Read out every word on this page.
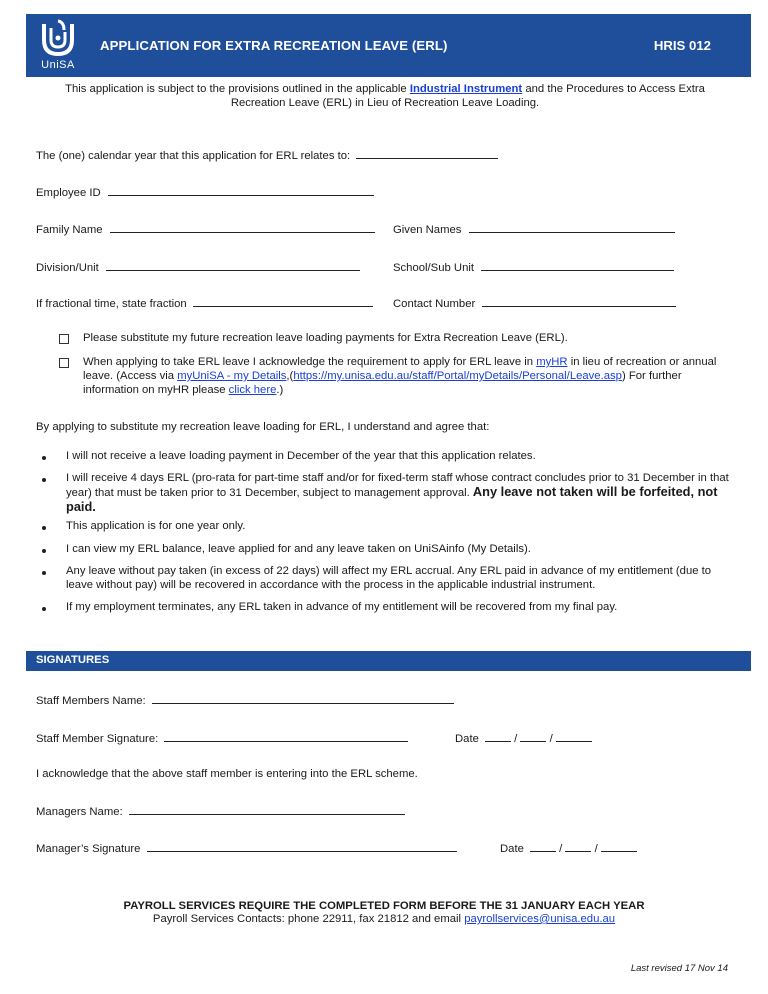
UniSA
APPLICATION FOR EXTRA RECREATION LEAVE (ERL)	HRIS 012
This application is subject to the provisions outlined in the applicable Industrial Instrument and the Procedures to Access Extra Recreation Leave (ERL) in Lieu of Recreation Leave Loading.
The (one) calendar year that this application for ERL relates to:
Employee ID
Family Name	Given Names
Division/Unit	School/Sub Unit
If fractional time, state fraction	Contact Number
Please substitute my future recreation leave loading payments for Extra Recreation Leave (ERL).
When applying to take ERL leave I acknowledge the requirement to apply for ERL leave in myHR in lieu of recreation or annual leave. (Access via myUniSA - my Details,(https://my.unisa.edu.au/staff/Portal/myDetails/Personal/Leave.asp) For further information on myHR please click here.)
By applying to substitute my recreation leave loading for ERL, I understand and agree that:
I will not receive a leave loading payment in December of the year that this application relates.
I will receive 4 days ERL (pro-rata for part-time staff and/or for fixed-term staff whose contract concludes prior to 31 December in that year) that must be taken prior to 31 December, subject to management approval. Any leave not taken will be forfeited, not paid.
This application is for one year only.
I can view my ERL balance, leave applied for and any leave taken on UniSAinfo (My Details).
Any leave without pay taken (in excess of 22 days) will affect my ERL accrual. Any ERL paid in advance of my entitlement (due to leave without pay) will be recovered in accordance with the process in the applicable industrial instrument.
If my employment terminates, any ERL taken in advance of my entitlement will be recovered from my final pay.
SIGNATURES
Staff Members Name:
Staff Member Signature:	Date	/  /
I acknowledge that the above staff member is entering into the ERL scheme.
Managers Name:
Manager’s Signature	Date	/  /
PAYROLL SERVICES REQUIRE THE COMPLETED FORM BEFORE THE 31 JANUARY EACH YEAR
Payroll Services Contacts: phone 22911, fax 21812 and email payrollservices@unisa.edu.au
Last revised 17 Nov 14
